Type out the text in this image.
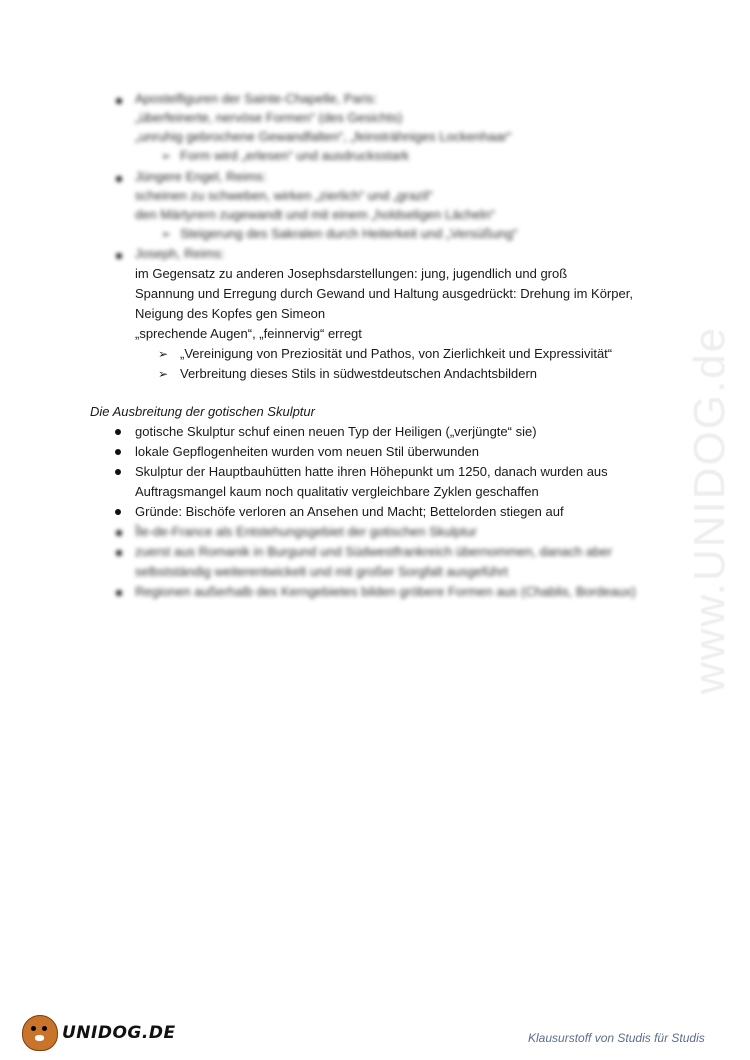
Apostelfiguren der Sainte-Chapelle, Paris:
„überfeinerte, nervöse Formen“ (des Gesichts)
„unruhig gebrochene Gewandfalten“, „feinsträhniges Lockenhaar“
➢ Form wird „erlesen“ und ausdrucksstark
Jüngere Engel, Reims:
scheinen zu schweben, wirken „zierlich“ und „grazil“
den Märtyrern zugewandt und mit einem „holdseligen Lächeln“
➢ Steigerung des Sakralen durch Heiterkeit und „Versüßung“
Joseph, Reims:
im Gegensatz zu anderen Josephsdarstellungen: jung, jugendlich und groß
Spannung und Erregung durch Gewand und Haltung ausgedrückt: Drehung im Körper,
Neigung des Kopfes gen Simeon
„sprechende Augen“, „feinnervig“ erregt
➢ „Vereinigung von Preziosität und Pathos, von Zierlichkeit und Expressivität“
➢ Verbreitung dieses Stils in südwestdeutschen Andachtsbildern
Die Ausbreitung der gotischen Skulptur
gotische Skulptur schuf einen neuen Typ der Heiligen („verjüngte“ sie)
lokale Gepflogenheiten wurden vom neuen Stil überwunden
Skulptur der Hauptbauhütten hatte ihren Höhepunkt um 1250, danach wurden aus
Auftragsmangel kaum noch qualitativ vergleichbare Zyklen geschaffen
Gründe: Bischöfe verloren an Ansehen und Macht; Bettelorden stiegen auf
Île-de-France als Entstehungsgebiet der gotischen Skulptur
zuerst aus Romanik in Burgund und Südwestfrankreich übernommen, danach aber
selbstständig weiterentwickelt und mit großer Sorgfalt ausgeführt
Regionen außerhalb des Kerngebietes bilden gröbere Formen aus (Chablis, Bordeaux) www.UNIDOG.de
UNIDOG.DE	Klausurstoff von Studis für Studis
